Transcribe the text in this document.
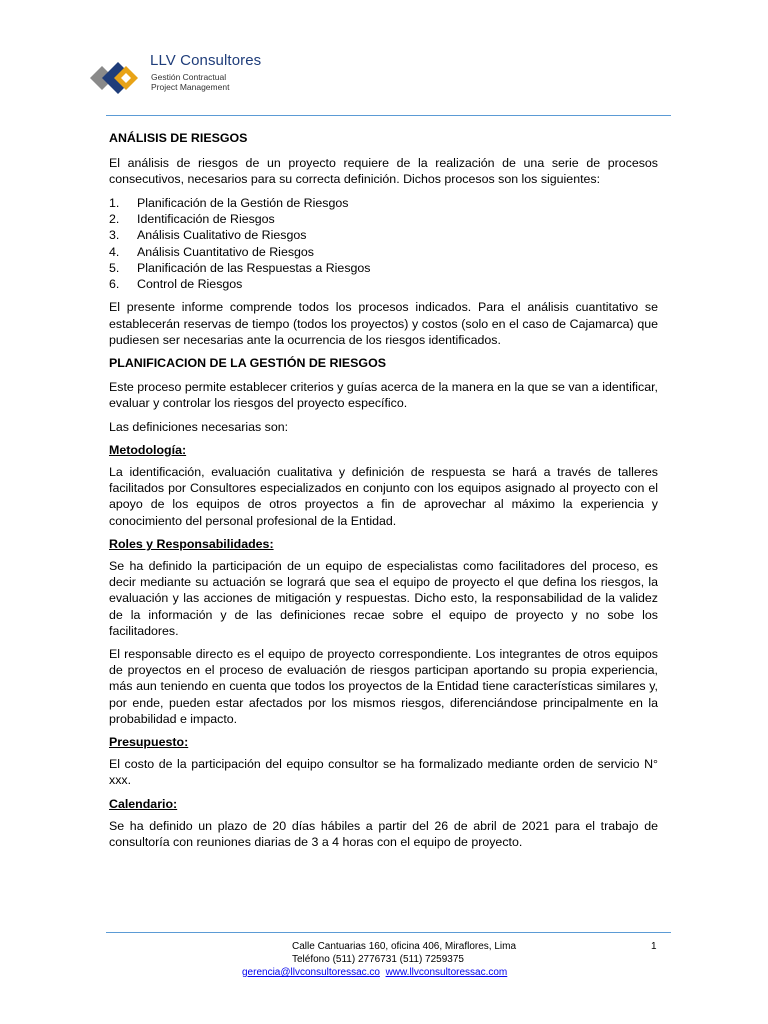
LLV Consultores
Gestión Contractual
Project Management

ANÁLISIS DE RIESGOS

El análisis de riesgos de un proyecto requiere de la realización de una serie de procesos consecutivos, necesarios para su correcta definición. Dichos procesos son los siguientes:

1. Planificación de la Gestión de Riesgos
2. Identificación de Riesgos
3. Análisis Cualitativo de Riesgos
4. Análisis Cuantitativo de Riesgos
5. Planificación de las Respuestas a Riesgos
6. Control de Riesgos

El presente informe comprende todos los procesos indicados. Para el análisis cuantitativo se establecerán reservas de tiempo (todos los proyectos) y costos (solo en el caso de Cajamarca) que pudiesen ser necesarias ante la ocurrencia de los riesgos identificados.

PLANIFICACION DE LA GESTIÓN DE RIESGOS

Este proceso permite establecer criterios y guías acerca de la manera en la que se van a identificar, evaluar y controlar los riesgos del proyecto específico.

Las definiciones necesarias son:

Metodología:

La identificación, evaluación cualitativa y definición de respuesta se hará a través de talleres facilitados por Consultores especializados en conjunto con los equipos asignado al proyecto con el apoyo de los equipos de otros proyectos a fin de aprovechar al máximo la experiencia y conocimiento del personal profesional de la Entidad.

Roles y Responsabilidades:

Se ha definido la participación de un equipo de especialistas como facilitadores del proceso, es decir mediante su actuación se logrará que sea el equipo de proyecto el que defina los riesgos, la evaluación y las acciones de mitigación y respuestas. Dicho esto, la responsabilidad de la validez de la información y de las definiciones recae sobre el equipo de proyecto y no sobe los facilitadores.

El responsable directo es el equipo de proyecto correspondiente. Los integrantes de otros equipos de proyectos en el proceso de evaluación de riesgos participan aportando su propia experiencia, más aun teniendo en cuenta que todos los proyectos de la Entidad tiene características similares y, por ende, pueden estar afectados por los mismos riesgos, diferenciándose principalmente en la probabilidad e impacto.

Presupuesto:

El costo de la participación del equipo consultor se ha formalizado mediante orden de servicio N° xxx.

Calendario:

Se ha definido un plazo de 20 días hábiles a partir del 26 de abril de 2021 para el trabajo de consultoría con reuniones diarias de 3 a 4 horas con el equipo de proyecto.

Calle Cantuarias 160, oficina 406, Miraflores, Lima
Teléfono (511) 2776731 (511) 7259375
gerencia@llvconsultoressac.co www.llvconsultoressac.com
1
